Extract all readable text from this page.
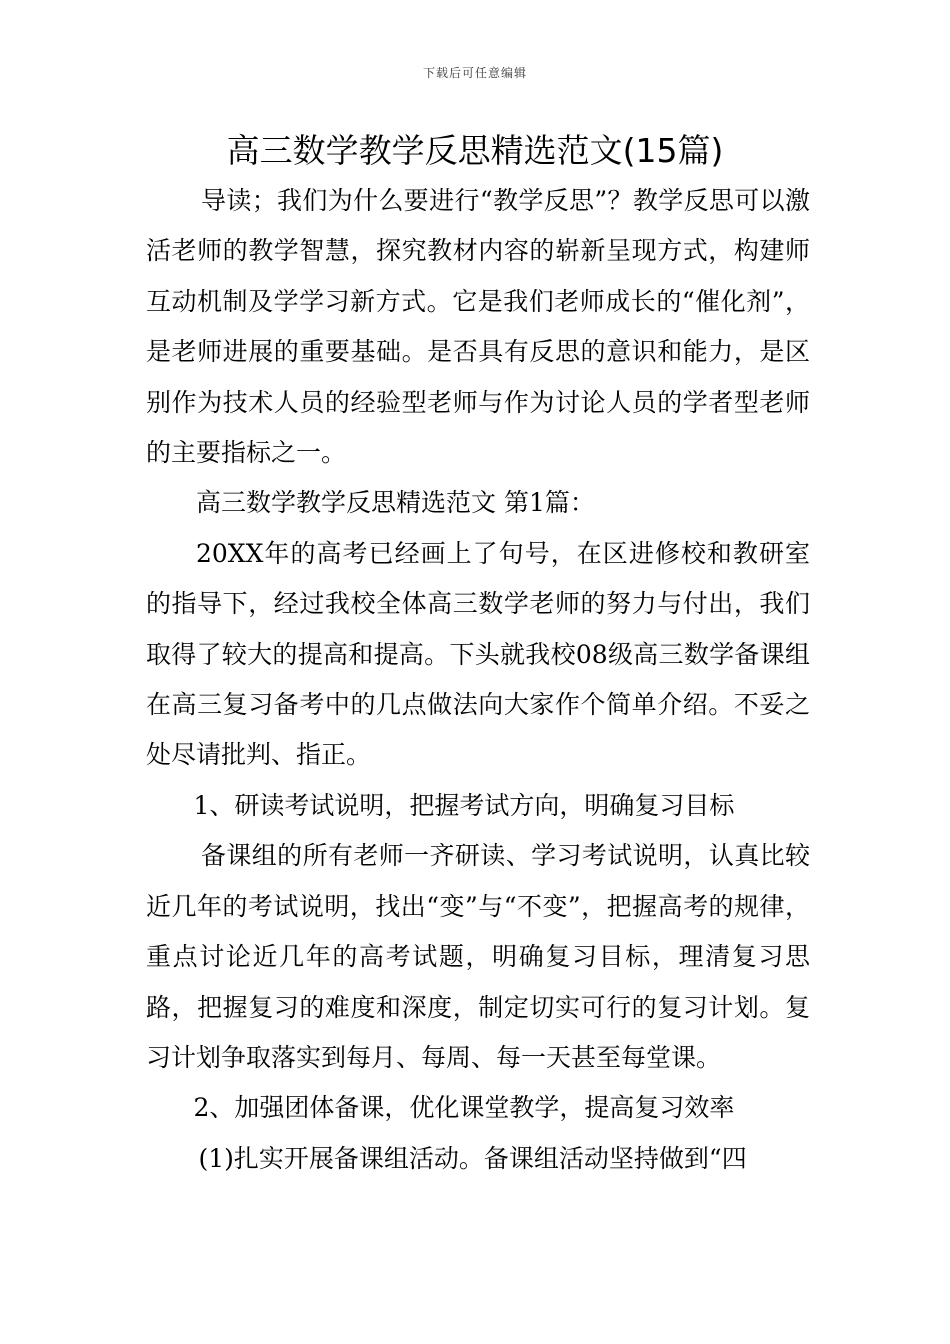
下载后可任意编辑
高三数学教学反思精选范文(15篇)

导读；我们为什么要进行“教学反思”？教学反思可以激活老师的教学智慧，探究教材内容的崭新呈现方式，构建师互动机制及学学习新方式。它是我们老师成长的“催化剂”，是老师进展的重要基础。是否具有反思的意识和能力，是区别作为技术人员的经验型老师与作为讨论人员的学者型老师的主要指标之一。

高三数学教学反思精选范文 第1篇：

20XX年的高考已经画上了句号，在区进修校和教研室的指导下，经过我校全体高三数学老师的努力与付出，我们取得了较大的提高和提高。下头就我校08级高三数学备课组在高三复习备考中的几点做法向大家作个简单介绍。不妥之处尽请批判、指正。

1、研读考试说明，把握考试方向，明确复习目标

备课组的所有老师一齐研读、学习考试说明，认真比较近几年的考试说明，找出“变”与“不变”，把握高考的规律，重点讨论近几年的高考试题，明确复习目标，理清复习思路，把握复习的难度和深度，制定切实可行的复习计划。复习计划争取落实到每月、每周、每一天甚至每堂课。

2、加强团体备课，优化课堂教学，提高复习效率

(1)扎实开展备课组活动。备课组活动坚持做到“四
